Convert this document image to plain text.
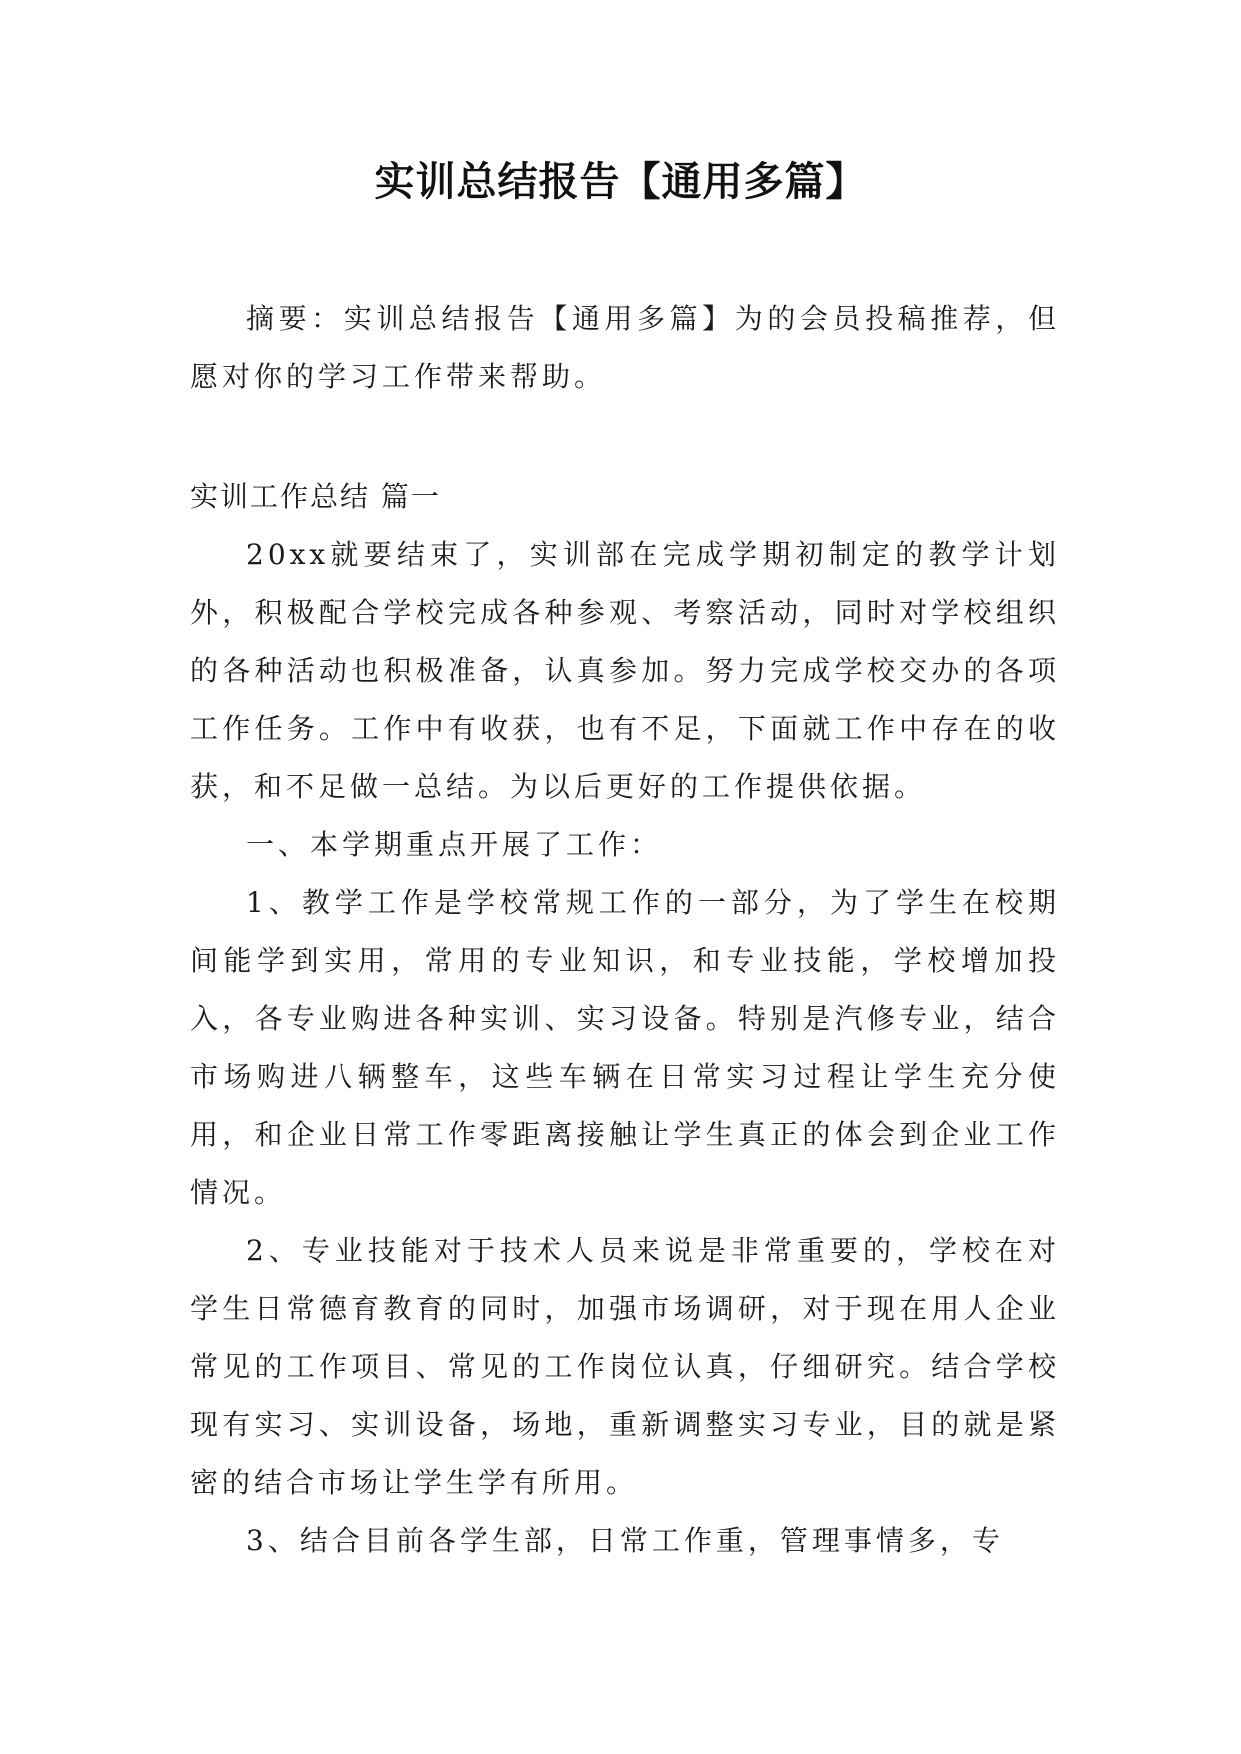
实训总结报告【通用多篇】

摘要：实训总结报告【通用多篇】为的会员投稿推荐，但愿对你的学习工作带来帮助。

实训工作总结 篇一

20xx就要结束了，实训部在完成学期初制定的教学计划外，积极配合学校完成各种参观、考察活动，同时对学校组织的各种活动也积极准备，认真参加。努力完成学校交办的各项工作任务。工作中有收获，也有不足，下面就工作中存在的收获，和不足做一总结。为以后更好的工作提供依据。

一、本学期重点开展了工作：

1、教学工作是学校常规工作的一部分，为了学生在校期间能学到实用，常用的专业知识，和专业技能，学校增加投入，各专业购进各种实训、实习设备。特别是汽修专业，结合市场购进八辆整车，这些车辆在日常实习过程让学生充分使用，和企业日常工作零距离接触让学生真正的体会到企业工作情况。

2、专业技能对于技术人员来说是非常重要的，学校在对学生日常德育教育的同时，加强市场调研，对于现在用人企业常见的工作项目、常见的工作岗位认真，仔细研究。结合学校现有实习、实训设备，场地，重新调整实习专业，目的就是紧密的结合市场让学生学有所用。

3、结合目前各学生部，日常工作重，管理事情多，专
